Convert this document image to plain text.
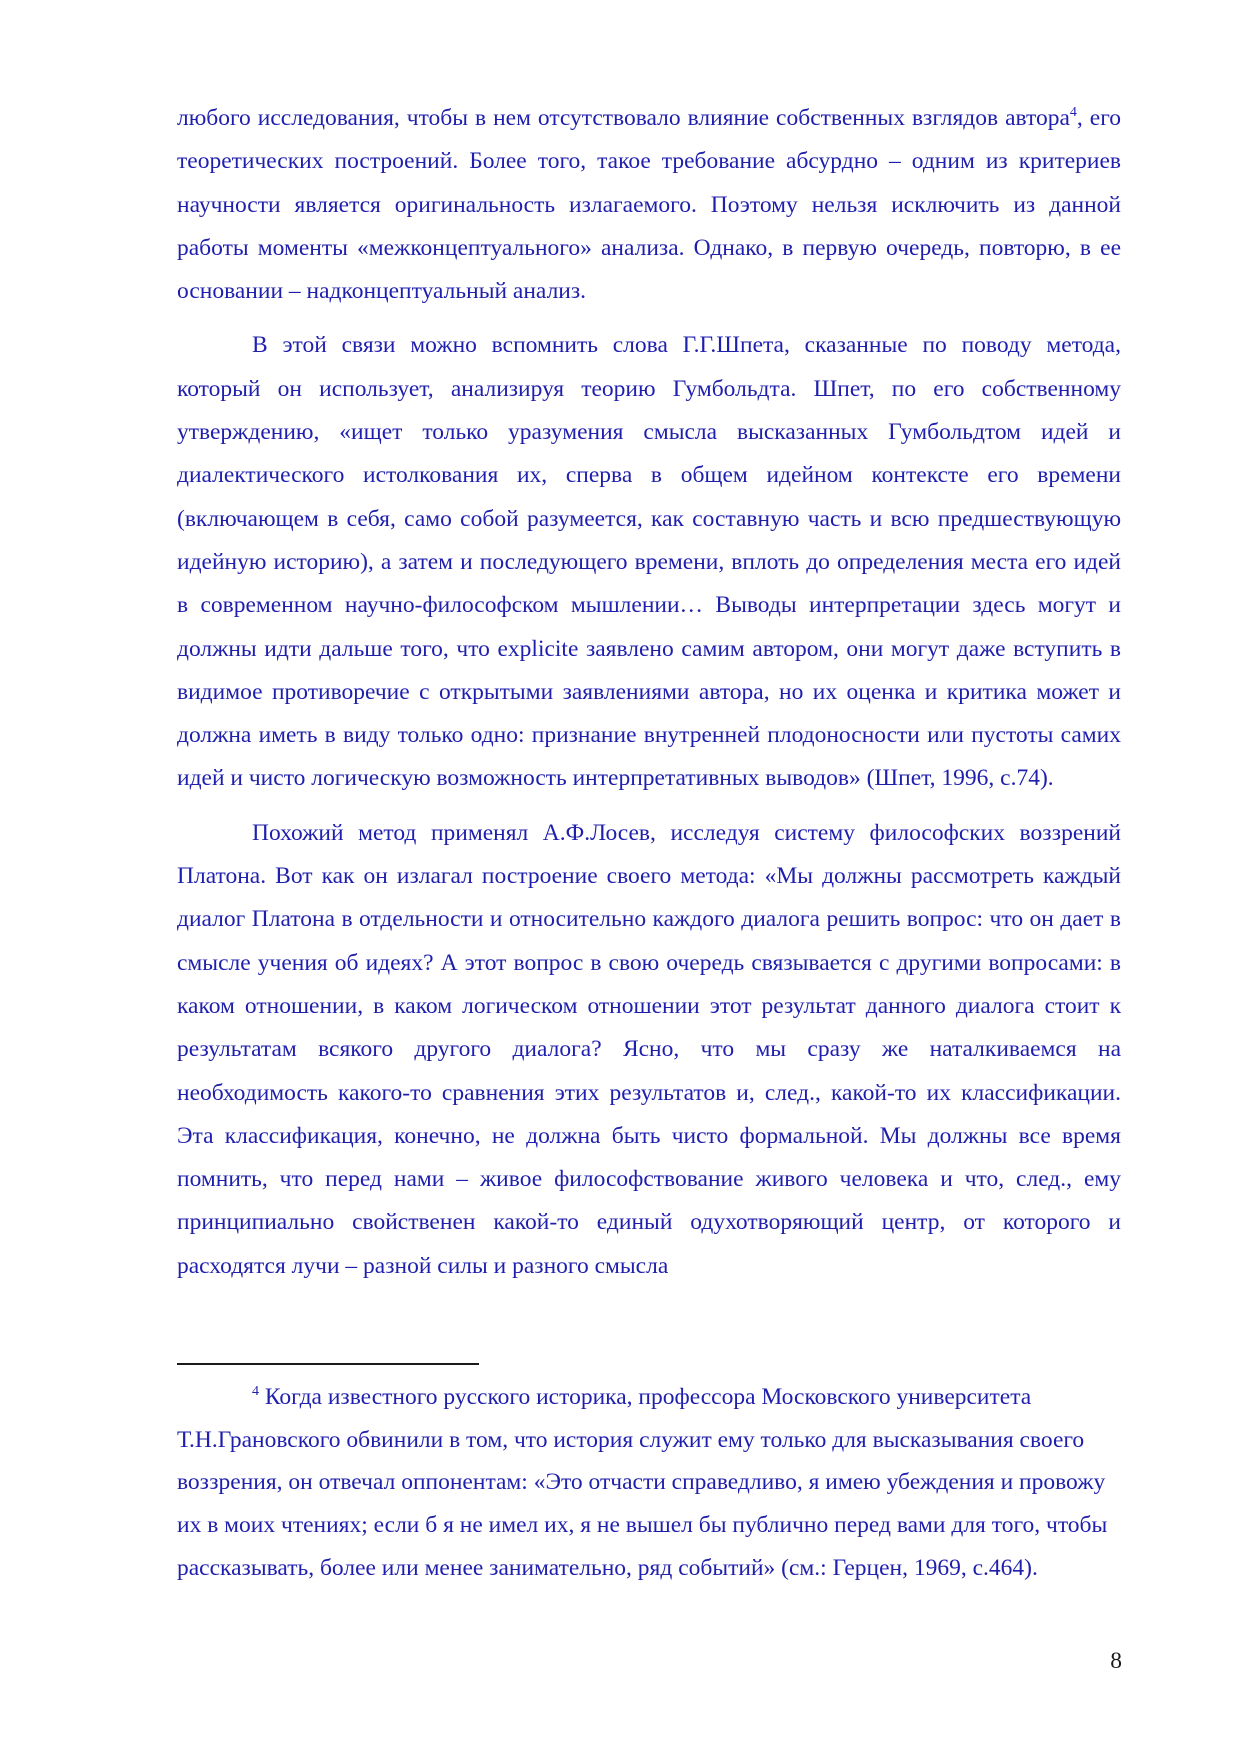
любого исследования, чтобы в нем отсутствовало влияние собственных взглядов автора$^4$, его теоретических построений. Более того, такое требование абсурдно – одним из критериев научности является оригинальность излагаемого. Поэтому нельзя исключить из данной работы моменты «межконцептуального» анализа. Однако, в первую очередь, повторю, в ее основании – надконцептуальный анализ.

В этой связи можно вспомнить слова Г.Г.Шпета, сказанные по поводу метода, который он использует, анализируя теорию Гумбольдта. Шпет, по его собственному утверждению, «ищет только уразумения смысла высказанных Гумбольдтом идей и диалектического истолкования их, сперва в общем идейном контексте его времени (включающем в себя, само собой разумеется, как составную часть и всю предшествующую идейную историю), а затем и последующего времени, вплоть до определения места его идей в современном научно-философском мышлении… Выводы интерпретации здесь могут и должны идти дальше того, что explicite заявлено самим автором, они могут даже вступить в видимое противоречие с открытыми заявлениями автора, но их оценка и критика может и должна иметь в виду только одно: признание внутренней плодоносности или пустоты самих идей и чисто логическую возможность интерпретативных выводов» (Шпет, 1996, с.74).

Похожий метод применял А.Ф.Лосев, исследуя систему философских воззрений Платона. Вот как он излагал построение своего метода: «Мы должны рассмотреть каждый диалог Платона в отдельности и относительно каждого диалога решить вопрос: что он дает в смысле учения об идеях? А этот вопрос в свою очередь связывается с другими вопросами: в каком отношении, в каком логическом отношении этот результат данного диалога стоит к результатам всякого другого диалога? Ясно, что мы сразу же наталкиваемся на необходимость какого-то сравнения этих результатов и, след., какой-то их классификации. Эта классификация, конечно, не должна быть чисто формальной. Мы должны все время помнить, что перед нами – живое философствование живого человека и что, след., ему принципиально свойственен какой-то единый одухотворяющий центр, от которого и расходятся лучи – разной силы и разного смысла

$^4$ Когда известного русского историка, профессора Московского университета Т.Н.Грановского обвинили в том, что история служит ему только для высказывания своего воззрения, он отвечал оппонентам: «Это отчасти справедливо, я имею убеждения и провожу их в моих чтениях; если б я не имел их, я не вышел бы публично перед вами для того, чтобы рассказывать, более или менее занимательно, ряд событий» (см.: Герцен, 1969, с.464).

8
